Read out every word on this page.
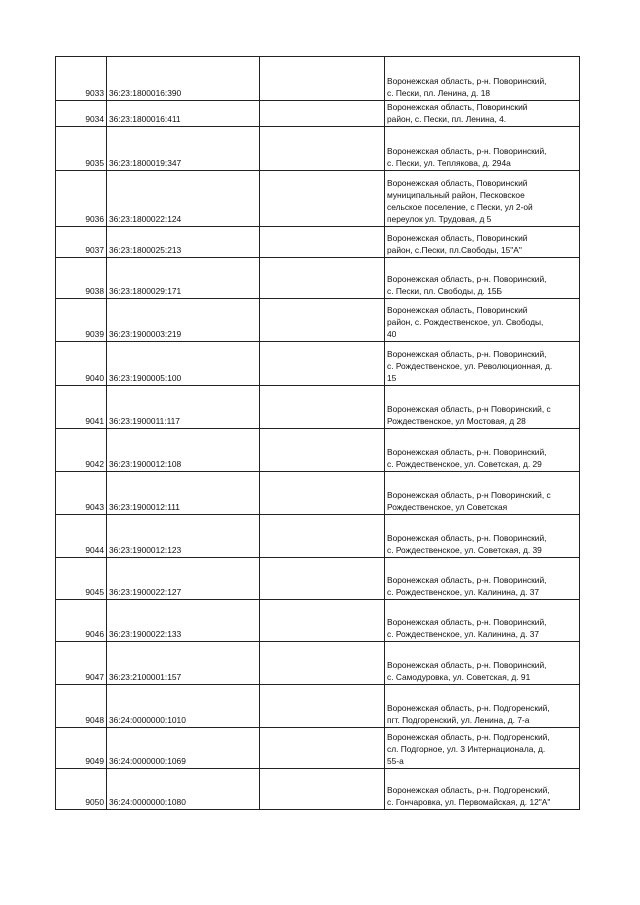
9033	36:23:1800016:390		Воронежская область, р-н. Поворинский,
с. Пески, пл. Ленина, д. 18
9034	36:23:1800016:411		Воронежская область, Поворинский
район, с. Пески, пл. Ленина, 4.
9035	36:23:1800019:347		Воронежская область, р-н. Поворинский,
с. Пески, ул. Теплякова, д. 294а
9036	36:23:1800022:124		Воронежская область, Поворинский
муниципальный район, Песковское
сельское поселение, с Пески, ул 2-ой
переулок ул. Трудовая, д 5
9037	36:23:1800025:213		Воронежская область, Поворинский
район, с.Пески, пл.Свободы, 15"А"
9038	36:23:1800029:171		Воронежская область, р-н. Поворинский,
с. Пески, пл. Свободы, д. 15Б
9039	36:23:1900003:219		Воронежская область, Поворинский
район, с. Рождественское, ул. Свободы,
40
9040	36:23:1900005:100		Воронежская область, р-н. Поворинский,
с. Рождественское, ул. Революционная, д.
15
9041	36:23:1900011:117		Воронежская область, р-н Поворинский, с
Рождественское, ул Мостовая, д 28
9042	36:23:1900012:108		Воронежская область, р-н. Поворинский,
с. Рождественское, ул. Советская, д. 29
9043	36:23:1900012:111		Воронежская область, р-н Поворинский, с
Рождественское, ул Советская
9044	36:23:1900012:123		Воронежская область, р-н. Поворинский,
с. Рождественское, ул. Советская, д. 39
9045	36:23:1900022:127		Воронежская область, р-н. Поворинский,
с. Рождественское, ул. Калинина, д. 37
9046	36:23:1900022:133		Воронежская область, р-н. Поворинский,
с. Рождественское, ул. Калинина, д. 37
9047	36:23:2100001:157		Воронежская область, р-н. Поворинский,
с. Самодуровка, ул. Советская, д. 91
9048	36:24:0000000:1010		Воронежская область, р-н. Подгоренский,
пгт. Подгоренский, ул. Ленина, д. 7-а
9049	36:24:0000000:1069		Воронежская область, р-н. Подгоренский,
сл. Подгорное, ул. 3 Интернационала, д.
55-а
9050	36:24:0000000:1080		Воронежская область, р-н. Подгоренский,
с. Гончаровка, ул. Первомайская, д. 12"А"
